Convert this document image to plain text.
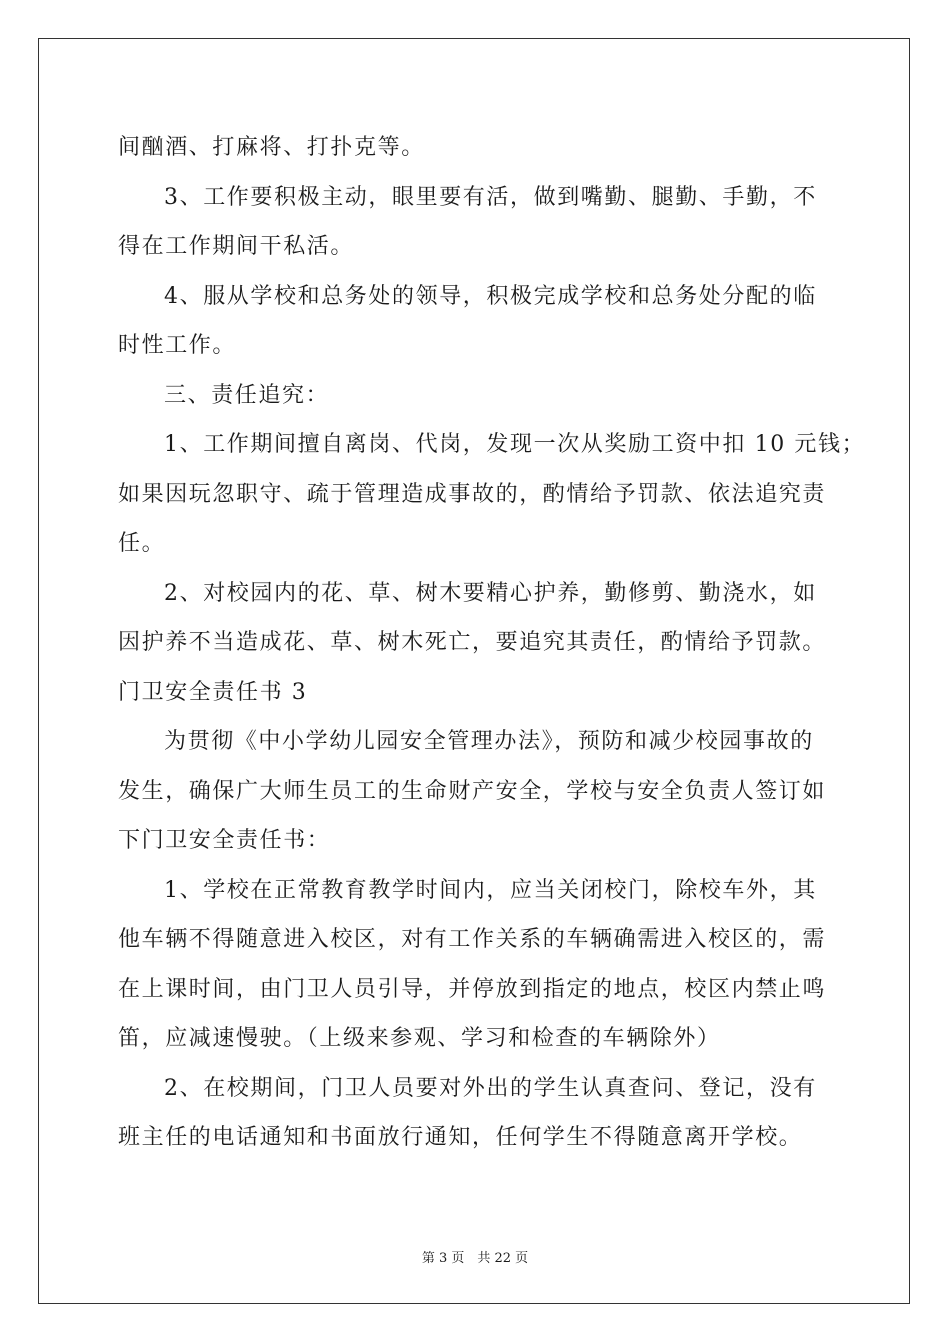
间酗酒、打麻将、打扑克等。
3、工作要积极主动，眼里要有活，做到嘴勤、腿勤、手勤，不
得在工作期间干私活。
4、服从学校和总务处的领导，积极完成学校和总务处分配的临
时性工作。
三、责任追究：
1、工作期间擅自离岗、代岗，发现一次从奖励工资中扣 10 元钱；
如果因玩忽职守、疏于管理造成事故的，酌情给予罚款、依法追究责
任。
2、对校园内的花、草、树木要精心护养，勤修剪、勤浇水，如
因护养不当造成花、草、树木死亡，要追究其责任，酌情给予罚款。
门卫安全责任书 3
为贯彻《中小学幼儿园安全管理办法》，预防和减少校园事故的
发生，确保广大师生员工的生命财产安全，学校与安全负责人签订如
下门卫安全责任书：
1、学校在正常教育教学时间内，应当关闭校门，除校车外，其
他车辆不得随意进入校区，对有工作关系的车辆确需进入校区的，需
在上课时间，由门卫人员引导，并停放到指定的地点，校区内禁止鸣
笛，应减速慢驶。（上级来参观、学习和检查的车辆除外）
2、在校期间，门卫人员要对外出的学生认真查问、登记，没有
班主任的电话通知和书面放行通知，任何学生不得随意离开学校。
第 3 页　共 22 页
